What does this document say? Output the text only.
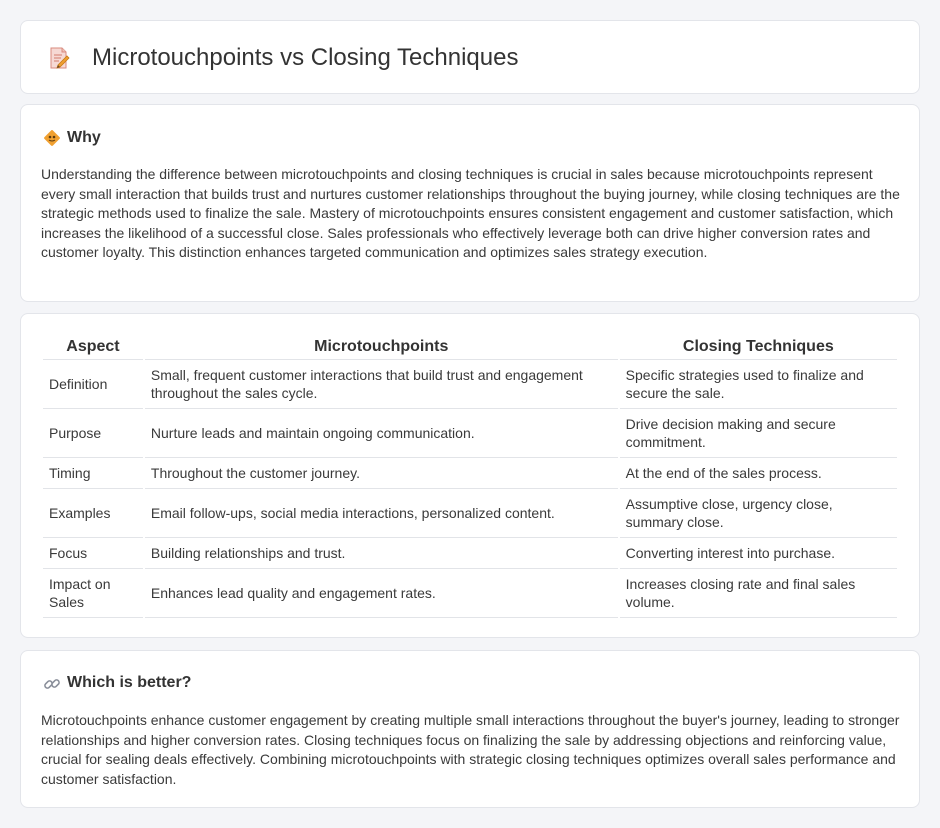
Microtouchpoints vs Closing Techniques
Why

Understanding the difference between microtouchpoints and closing techniques is crucial in sales because microtouchpoints represent every small interaction that builds trust and nurtures customer relationships throughout the buying journey, while closing techniques are the strategic methods used to finalize the sale. Mastery of microtouchpoints ensures consistent engagement and customer satisfaction, which increases the likelihood of a successful close. Sales professionals who effectively leverage both can drive higher conversion rates and customer loyalty. This distinction enhances targeted communication and optimizes sales strategy execution.

Aspect	Microtouchpoints	Closing Techniques
Definition	Small, frequent customer interactions that build trust and engagement throughout the sales cycle.	Specific strategies used to finalize and secure the sale.
Purpose	Nurture leads and maintain ongoing communication.	Drive decision making and secure commitment.
Timing	Throughout the customer journey.	At the end of the sales process.
Examples	Email follow-ups, social media interactions, personalized content.	Assumptive close, urgency close, summary close.
Focus	Building relationships and trust.	Converting interest into purchase.
Impact on Sales	Enhances lead quality and engagement rates.	Increases closing rate and final sales volume.
Which is better?

Microtouchpoints enhance customer engagement by creating multiple small interactions throughout the buyer's journey, leading to stronger relationships and higher conversion rates. Closing techniques focus on finalizing the sale by addressing objections and reinforcing value, crucial for sealing deals effectively. Combining microtouchpoints with strategic closing techniques optimizes overall sales performance and customer satisfaction.
